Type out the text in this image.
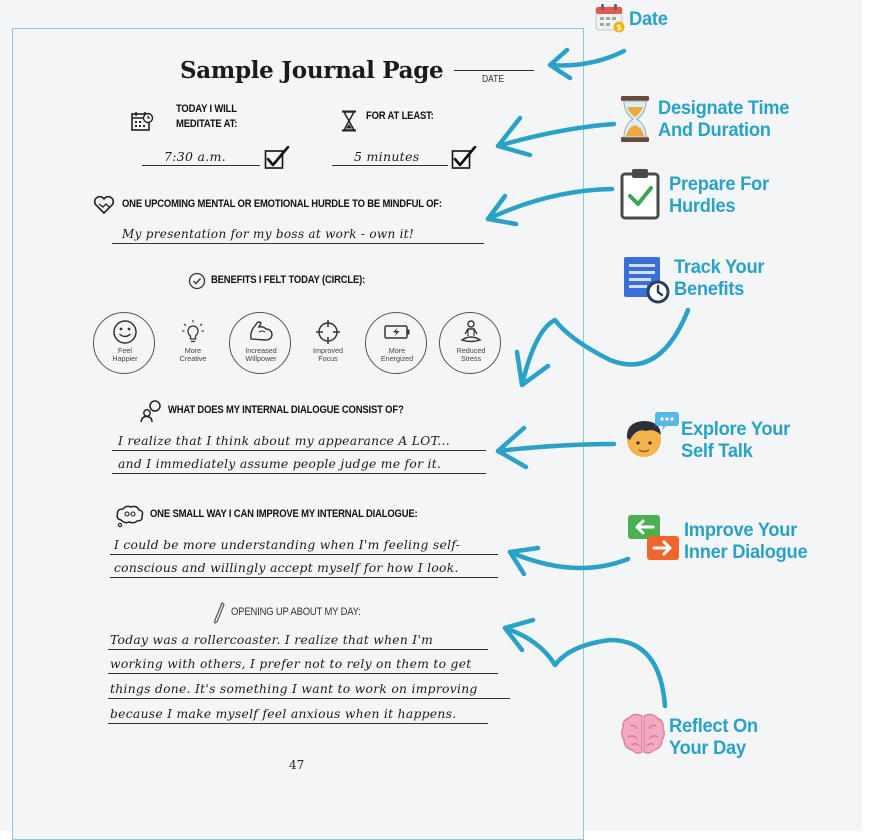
Sample Journal Page	DATE
TODAY I WILL
MEDITATE AT:
7:30 a.m.
FOR AT LEAST:
5 minutes
ONE UPCOMING MENTAL OR EMOTIONAL HURDLE TO BE MINDFUL OF:
My presentation for my boss at work - own it!
BENEFITS I FELT TODAY (CIRCLE):
Feel
Happier
More
Creative
Increased
Willpower
Improved
Focus
More
Energized
Reduced
Stress
WHAT DOES MY INTERNAL DIALOGUE CONSIST OF?
I realize that I think about my appearance A LOT...
and I immediately assume people judge me for it.
ONE SMALL WAY I CAN IMPROVE MY INTERNAL DIALOGUE:
I could be more understanding when I'm feeling self-
conscious and willingly accept myself for how I look.
OPENING UP ABOUT MY DAY:
Today was a rollercoaster. I realize that when I'm
working with others, I prefer not to rely on them to get
things done. It's something I want to work on improving
because I make myself feel anxious when it happens.
47
$ Date
Designate Time
And Duration
Prepare For
Hurdles
Track Your
Benefits
Explore Your
Self Talk
Improve Your
Inner Dialogue
Reflect On
Your Day
